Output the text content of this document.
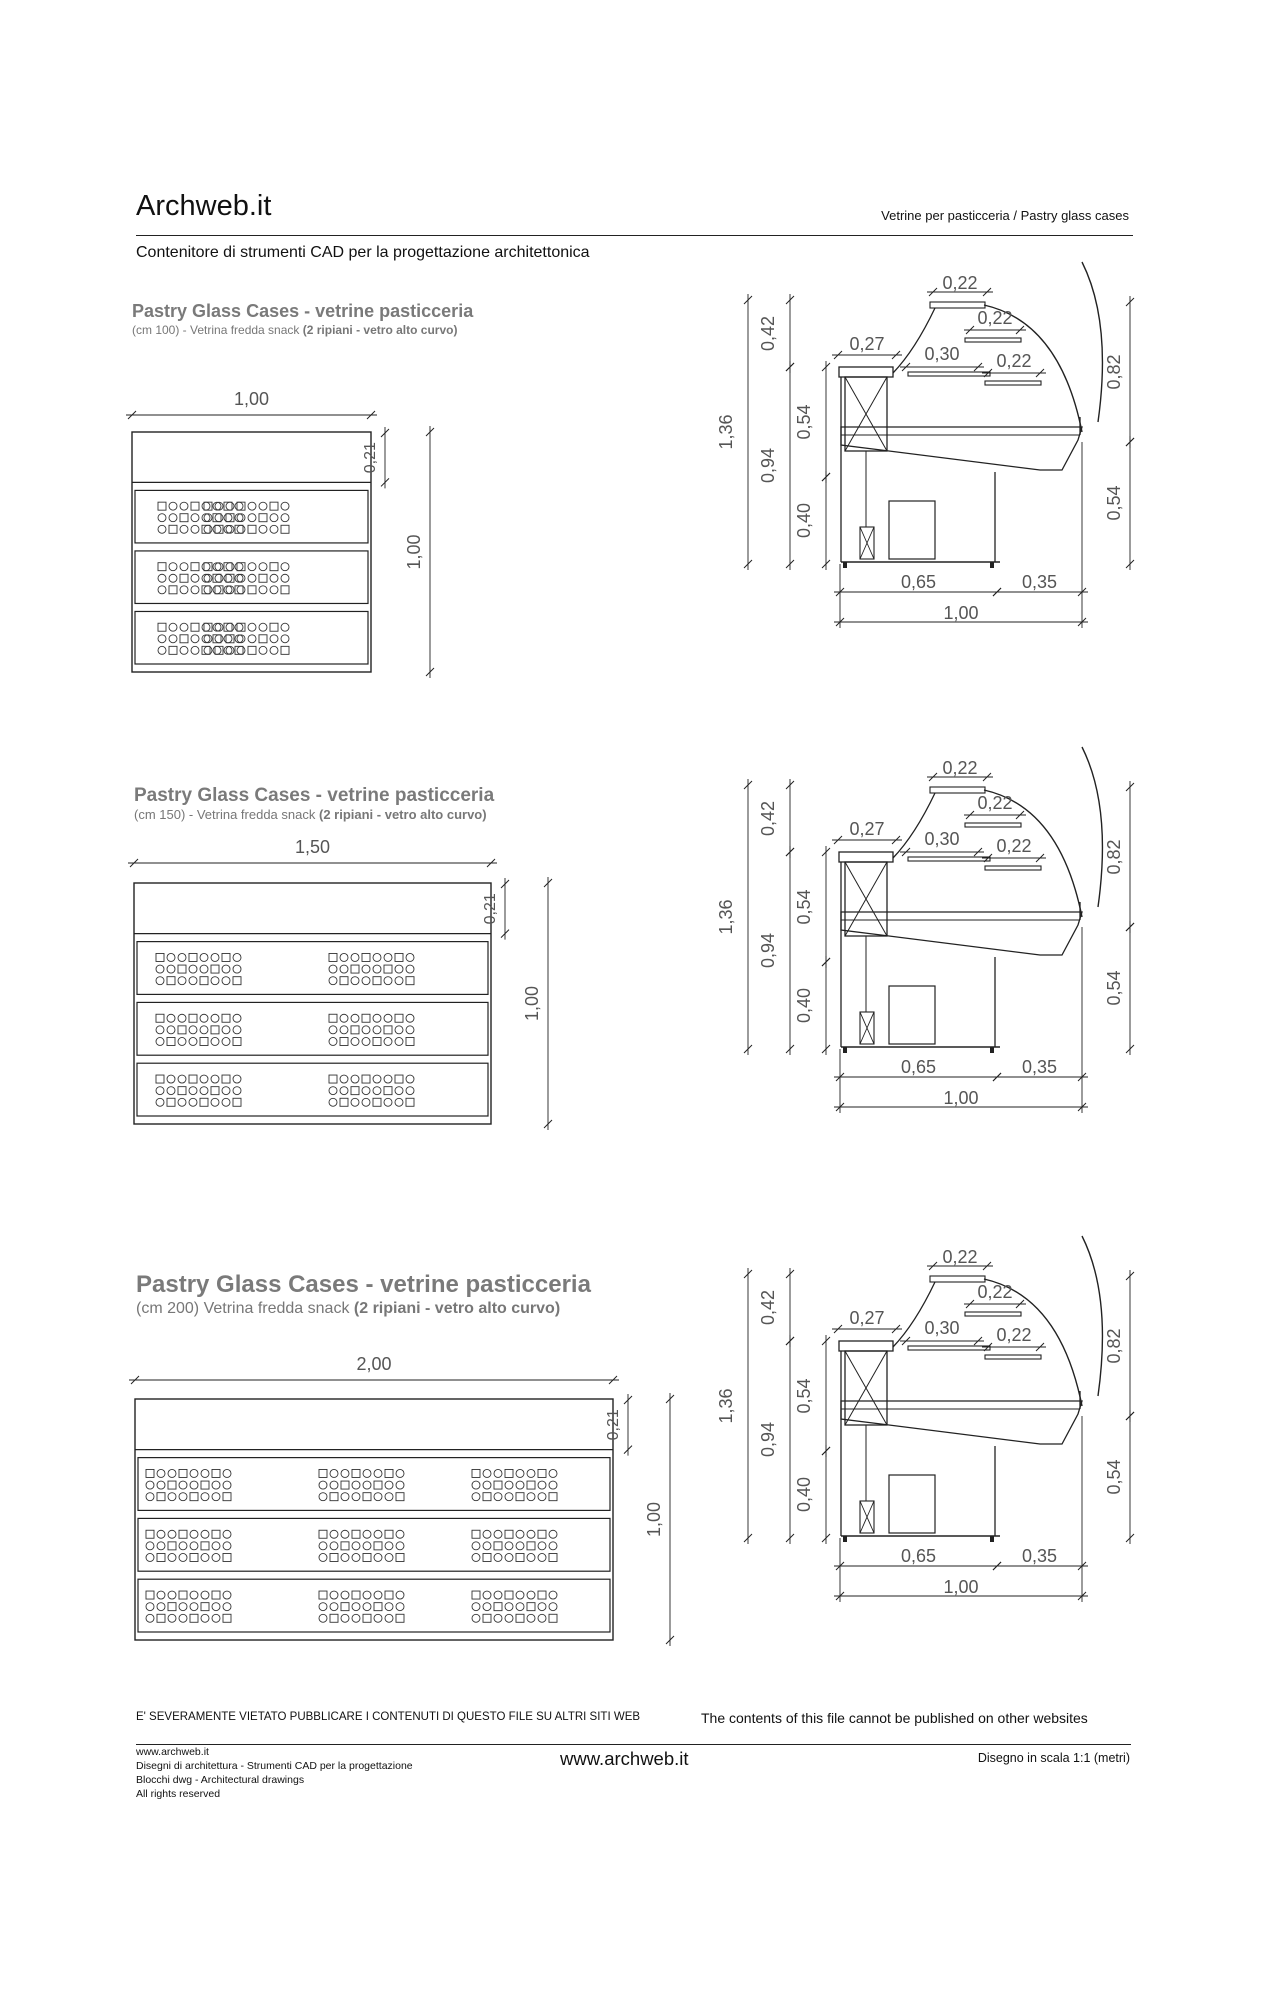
Archweb.it	Vetrine per pasticceria / Pastry glass cases
Contenitore di strumenti CAD per la progettazione architettonica
Pastry Glass Cases - vetrine pasticceria
(cm 100) - Vetrina fredda snack (2 ripiani - vetro alto curvo)
1,00
0,21
1,00
0,22
0,22
0,22
0,27 0,30
1,36
0,42
0,94
0,54
0,40
0,82
0,54
0,65	0,35
1,00
Pastry Glass Cases - vetrine pasticceria
(cm 150) - Vetrina fredda snack (2 ripiani - vetro alto curvo)
1,50
0,21
1,00
0,22
0,22
0,22
0,27 0,30
1,36
0,42
0,94
0,54
0,40
0,82
0,54
0,65	0,35
1,00
Pastry Glass Cases - vetrine pasticceria
(cm 200) Vetrina fredda snack (2 ripiani - vetro alto curvo)
2,00
0,21
1,00
0,22
0,22
0,22
0,27 0,30
1,36
0,42
0,94
0,54
0,40
0,82
0,54
0,65	0,35
1,00
E' SEVERAMENTE VIETATO PUBBLICARE I CONTENUTI DI QUESTO FILE SU ALTRI SITI WEB	The contents of this file cannot be published on other websites
www.archweb.it
Disegni di architettura - Strumenti CAD per la progettazione
Blocchi dwg - Architectural drawings
All rights reserved
www.archweb.it	Disegno in scala 1:1 (metri)
